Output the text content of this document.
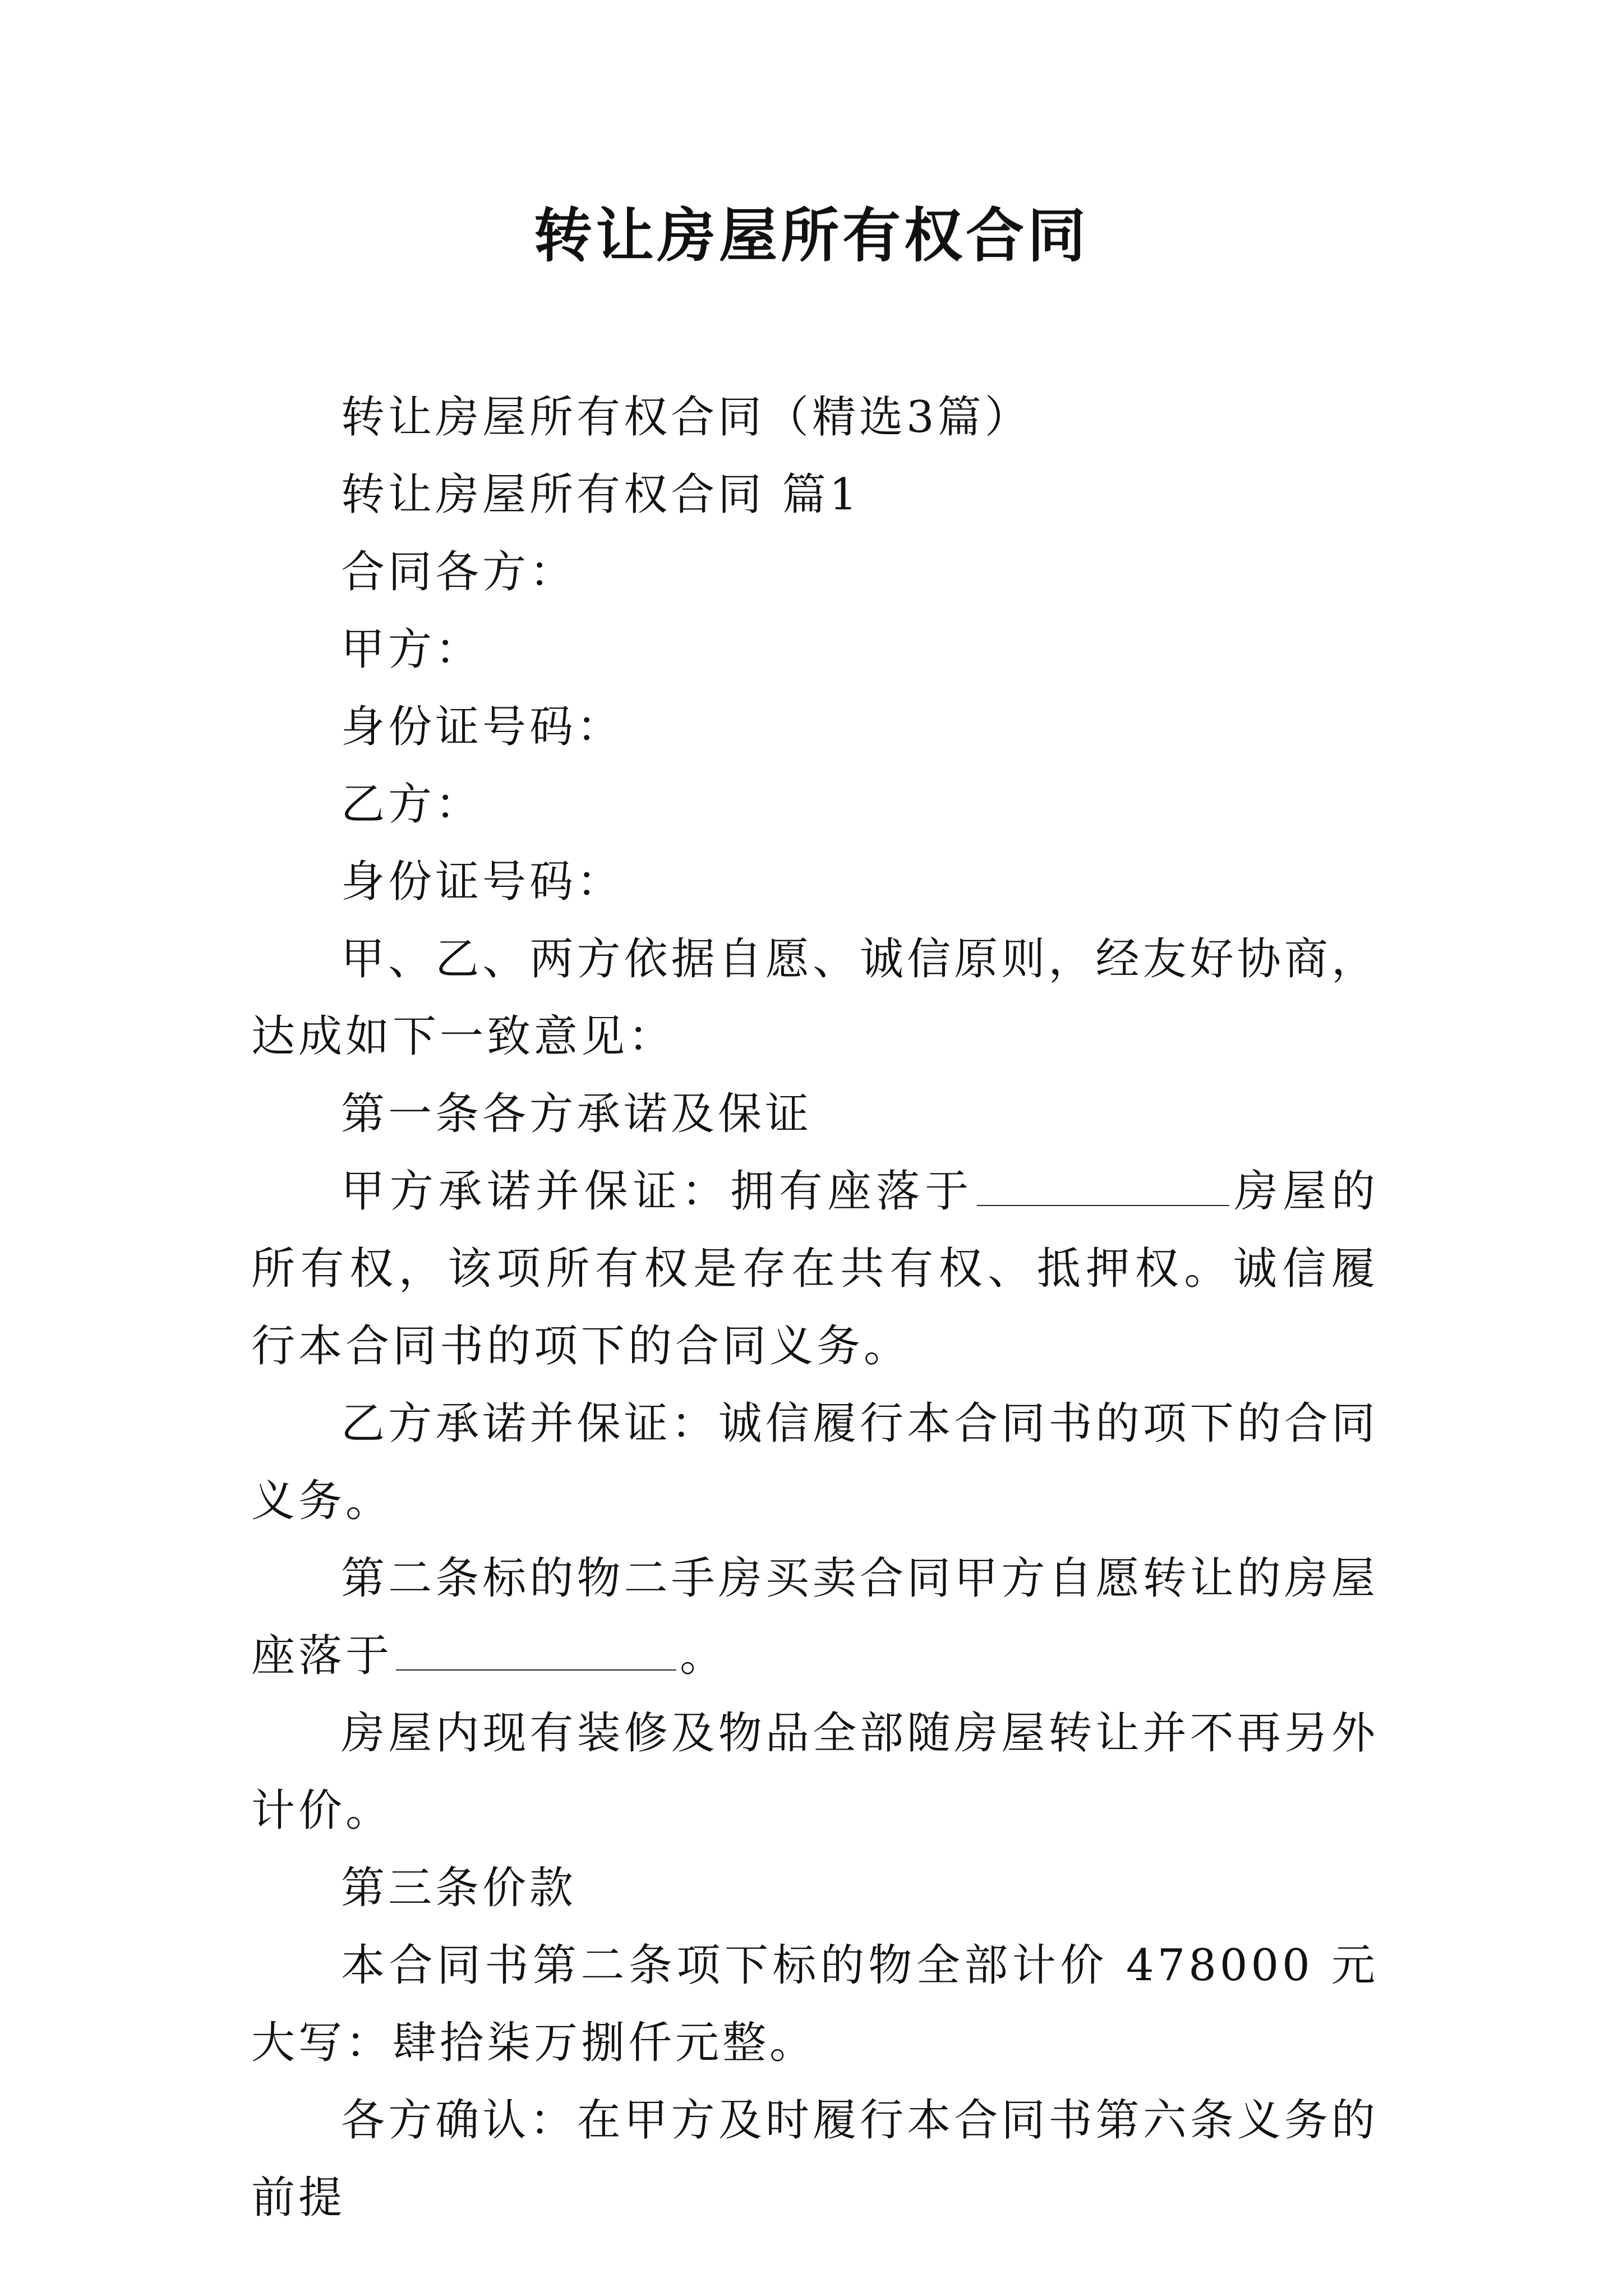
转让房屋所有权合同

转让房屋所有权合同（精选3篇）

转让房屋所有权合同 篇1

合同各方：

甲方：

身份证号码：

乙方：

身份证号码：

甲、乙、两方依据自愿、诚信原则，经友好协商，达成如下一致意见：

第一条各方承诺及保证

甲方承诺并保证：拥有座落于	房屋的所有权，该项所有权是存在共有权、抵押权。诚信履行本合同书的项下的合同义务。

乙方承诺并保证：诚信履行本合同书的项下的合同义务。

第二条标的物二手房买卖合同甲方自愿转让的房屋座落于	。

房屋内现有装修及物品全部随房屋转让并不再另外计价。

第三条价款

本合同书第二条项下标的物全部计价 478000 元大写：肆拾柒万捌仟元整。

各方确认：在甲方及时履行本合同书第六条义务的前提
